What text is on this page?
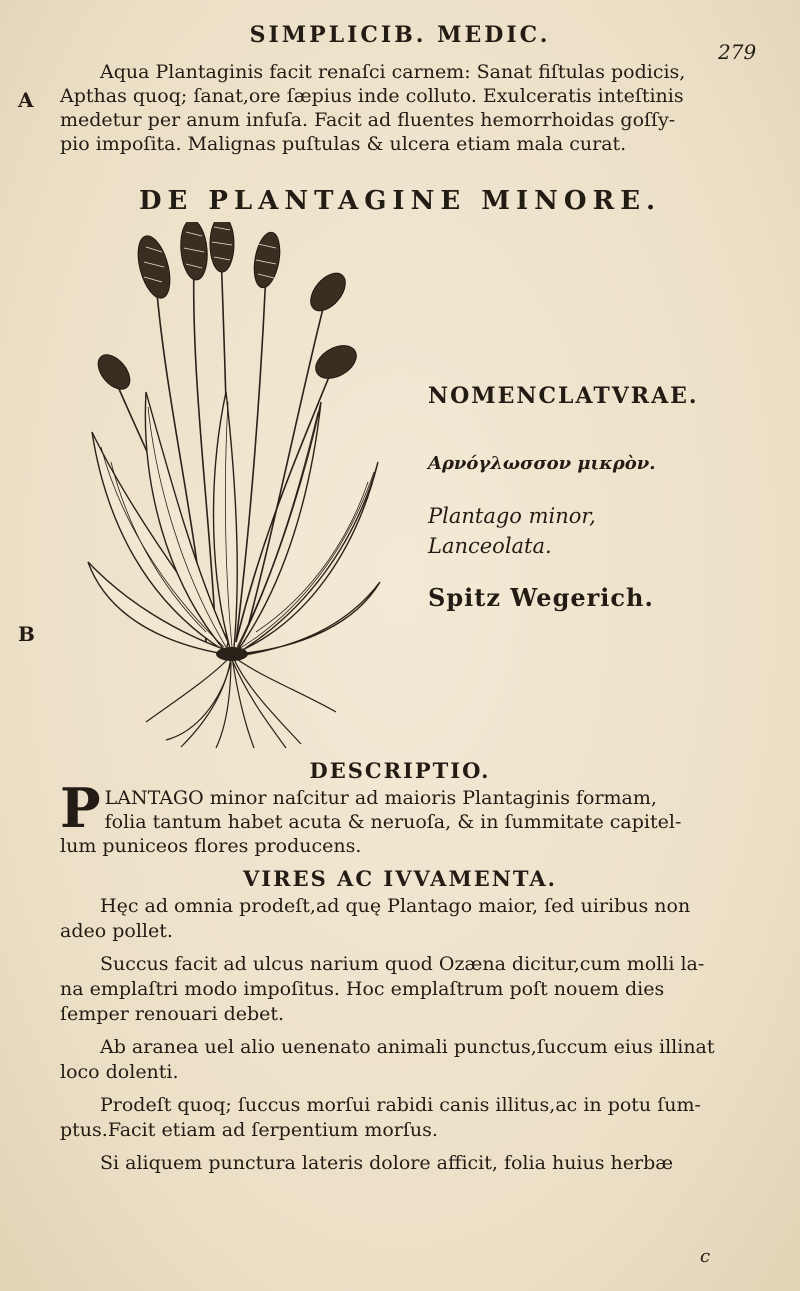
SIMPLICIB. MEDIC.
279
A
B

Aqua Plantaginis facit renaſci carnem: Sanat fiſtulas podicis,

Apthas quoq; ſanat,ore ſæpius inde colluto. Exulceratis inteſtinis

medetur per anum infuſa. Facit ad fluentes hemorrhoidas goſſy-

pio impoſita. Malignas puſtulas & ulcera etiam mala curat.

DE PLANTAGINE MINORE.
NOMENCLATVRAE.
Αρνόγλωσσον μικρὸν.
Plantago minor,
Lanceolata.
Spitz Wegerich.
DESCRIPTIO.
P LANTAGO minor naſcitur ad maioris Plantaginis formam,

folia tantum habet acuta & neruoſa, & in ſummitate capitel-

lum puniceos flores producens.

VIRES AC IVVAMENTA.

Hęc ad omnia prodeſt,ad quę Plantago maior, ſed uiribus non

adeo pollet.

Succus facit ad ulcus narium quod Ozæna dicitur,cum molli la-

na emplaſtri modo impoſitus. Hoc emplaſtrum poſt nouem dies

ſemper renouari debet.

Ab aranea uel alio uenenato animali punctus,ſuccum eius illinat

loco dolenti.

Prodeſt quoq; ſuccus morſui rabidi canis illitus,ac in potu ſum-

ptus.Facit etiam ad ſerpentium morſus.

Si aliquem punctura lateris dolore afficit, folia huius herbæ

c
